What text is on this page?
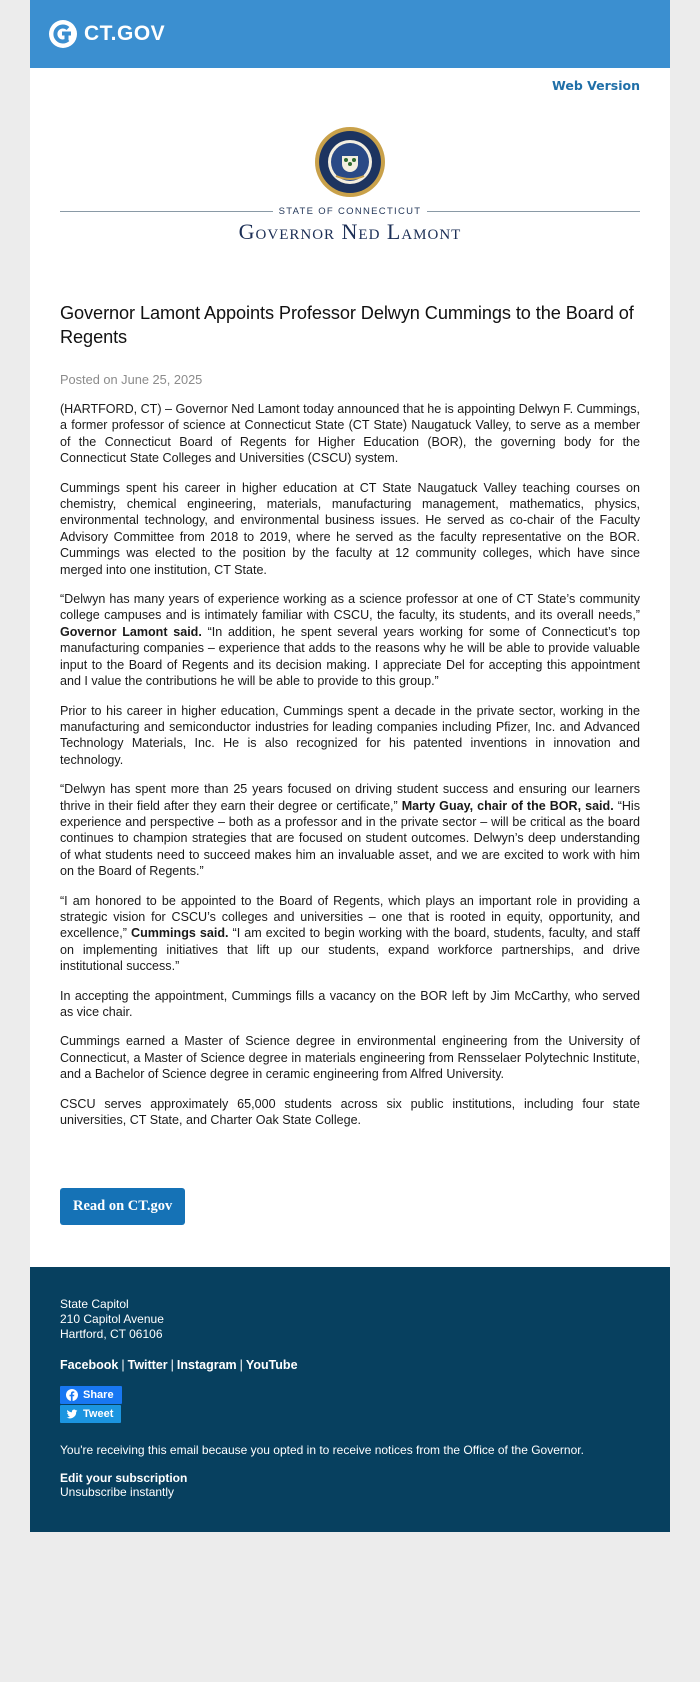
CT.GOV
Web Version
STATE OF CONNECTICUT
Governor Ned Lamont
Governor Lamont Appoints Professor Delwyn Cummings to the Board of Regents
Posted on June 25, 2025

(HARTFORD, CT) – Governor Ned Lamont today announced that he is appointing Delwyn F. Cummings, a former professor of science at Connecticut State (CT State) Naugatuck Valley, to serve as a member of the Connecticut Board of Regents for Higher Education (BOR), the governing body for the Connecticut State Colleges and Universities (CSCU) system.

Cummings spent his career in higher education at CT State Naugatuck Valley teaching courses on chemistry, chemical engineering, materials, manufacturing management, mathematics, physics, environmental technology, and environmental business issues. He served as co-chair of the Faculty Advisory Committee from 2018 to 2019, where he served as the faculty representative on the BOR. Cummings was elected to the position by the faculty at 12 community colleges, which have since merged into one institution, CT State.

“Delwyn has many years of experience working as a science professor at one of CT State’s community college campuses and is intimately familiar with CSCU, the faculty, its students, and its overall needs,” Governor Lamont said. “In addition, he spent several years working for some of Connecticut’s top manufacturing companies – experience that adds to the reasons why he will be able to provide valuable input to the Board of Regents and its decision making. I appreciate Del for accepting this appointment and I value the contributions he will be able to provide to this group.”

Prior to his career in higher education, Cummings spent a decade in the private sector, working in the manufacturing and semiconductor industries for leading companies including Pfizer, Inc. and Advanced Technology Materials, Inc. He is also recognized for his patented inventions in innovation and technology.

“Delwyn has spent more than 25 years focused on driving student success and ensuring our learners thrive in their field after they earn their degree or certificate,” Marty Guay, chair of the BOR, said. “His experience and perspective – both as a professor and in the private sector – will be critical as the board continues to champion strategies that are focused on student outcomes. Delwyn’s deep understanding of what students need to succeed makes him an invaluable asset, and we are excited to work with him on the Board of Regents.”

“I am honored to be appointed to the Board of Regents, which plays an important role in providing a strategic vision for CSCU’s colleges and universities – one that is rooted in equity, opportunity, and excellence,” Cummings said. “I am excited to begin working with the board, students, faculty, and staff on implementing initiatives that lift up our students, expand workforce partnerships, and drive institutional success.”

In accepting the appointment, Cummings fills a vacancy on the BOR left by Jim McCarthy, who served as vice chair.

Cummings earned a Master of Science degree in environmental engineering from the University of Connecticut, a Master of Science degree in materials engineering from Rensselaer Polytechnic Institute, and a Bachelor of Science degree in ceramic engineering from Alfred University.

CSCU serves approximately 65,000 students across six public institutions, including four state universities, CT State, and Charter Oak State College.

Read on CT.gov
State Capitol
210 Capitol Avenue
Hartford, CT 06106
Facebook | Twitter | Instagram | YouTube
Share
Tweet
You're receiving this email because you opted in to receive notices from the Office of the Governor.
Edit your subscription
Unsubscribe instantly
